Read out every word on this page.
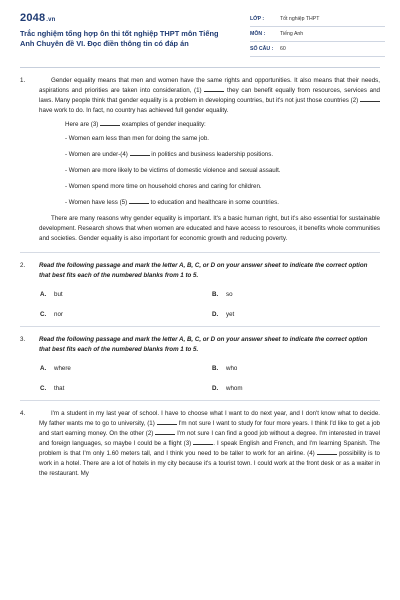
2048.vn
Trắc nghiệm tổng hợp ôn thi tốt nghiệp THPT môn Tiếng Anh Chuyên đề VI. Đọc điền thông tin có đáp án
LỚP :	Tốt nghiệp THPT
MÔN :	Tiếng Anh
SỐ CÂU :	60
1.	Gender equality means that men and women have the same rights and opportunities. It also means that their needs, aspirations and priorities are taken into consideration, (1)	they can benefit equally from resources, services and laws. Many people think that gender equality is a problem in developing countries, but it's not just those countries (2)  have work to do. In fact, no country has achieved full gender equality.
Here are (3)	examples of gender inequality:
- Women earn less than men for doing the same job.
- Women are under-(4)	in politics and business leadership positions.
- Women are more likely to be victims of domestic violence and sexual assault.
- Women spend more time on household chores and caring for children.
- Women have less (5)	to education and healthcare in some countries.
There are many reasons why gender equality is important. It's a basic human right, but it's also essential for sustainable development. Research shows that when women are educated and have access to resources, it benefits whole communities and societies. Gender equality is also important for economic growth and reducing poverty.
2.	Read the following passage and mark the letter A, B, C, or D on your answer sheet to indicate the correct option that best fits each of the numbered blanks from 1 to 5.
A.	but	B.	so
C.	nor	D.	yet
3.	Read the following passage and mark the letter A, B, C, or D on your answer sheet to indicate the correct option that best fits each of the numbered blanks from 1 to 5.
A.	where	B.	who
C.	that	D.	whom
4.	I'm a student in my last year of school. I have to choose what I want to do next year, and I don't know what to decide. My father wants me to go to university, (1)	I'm not sure I want to study for four more years. I think I'd like to get a job and start earning money. On the other (2)	I'm not sure I can find a good job without a degree. I'm interested in travel and foreign languages, so maybe I could be a flight (3)	. I speak English and French, and I'm learning Spanish. The problem is that I'm only 1.60 meters tall, and I think you need to be taller to work for an airline. (4)	possibility is to work in a hotel. There are a lot of hotels in my city because it's a tourist town. I could work at the front desk or as a waiter in the restaurant. My
